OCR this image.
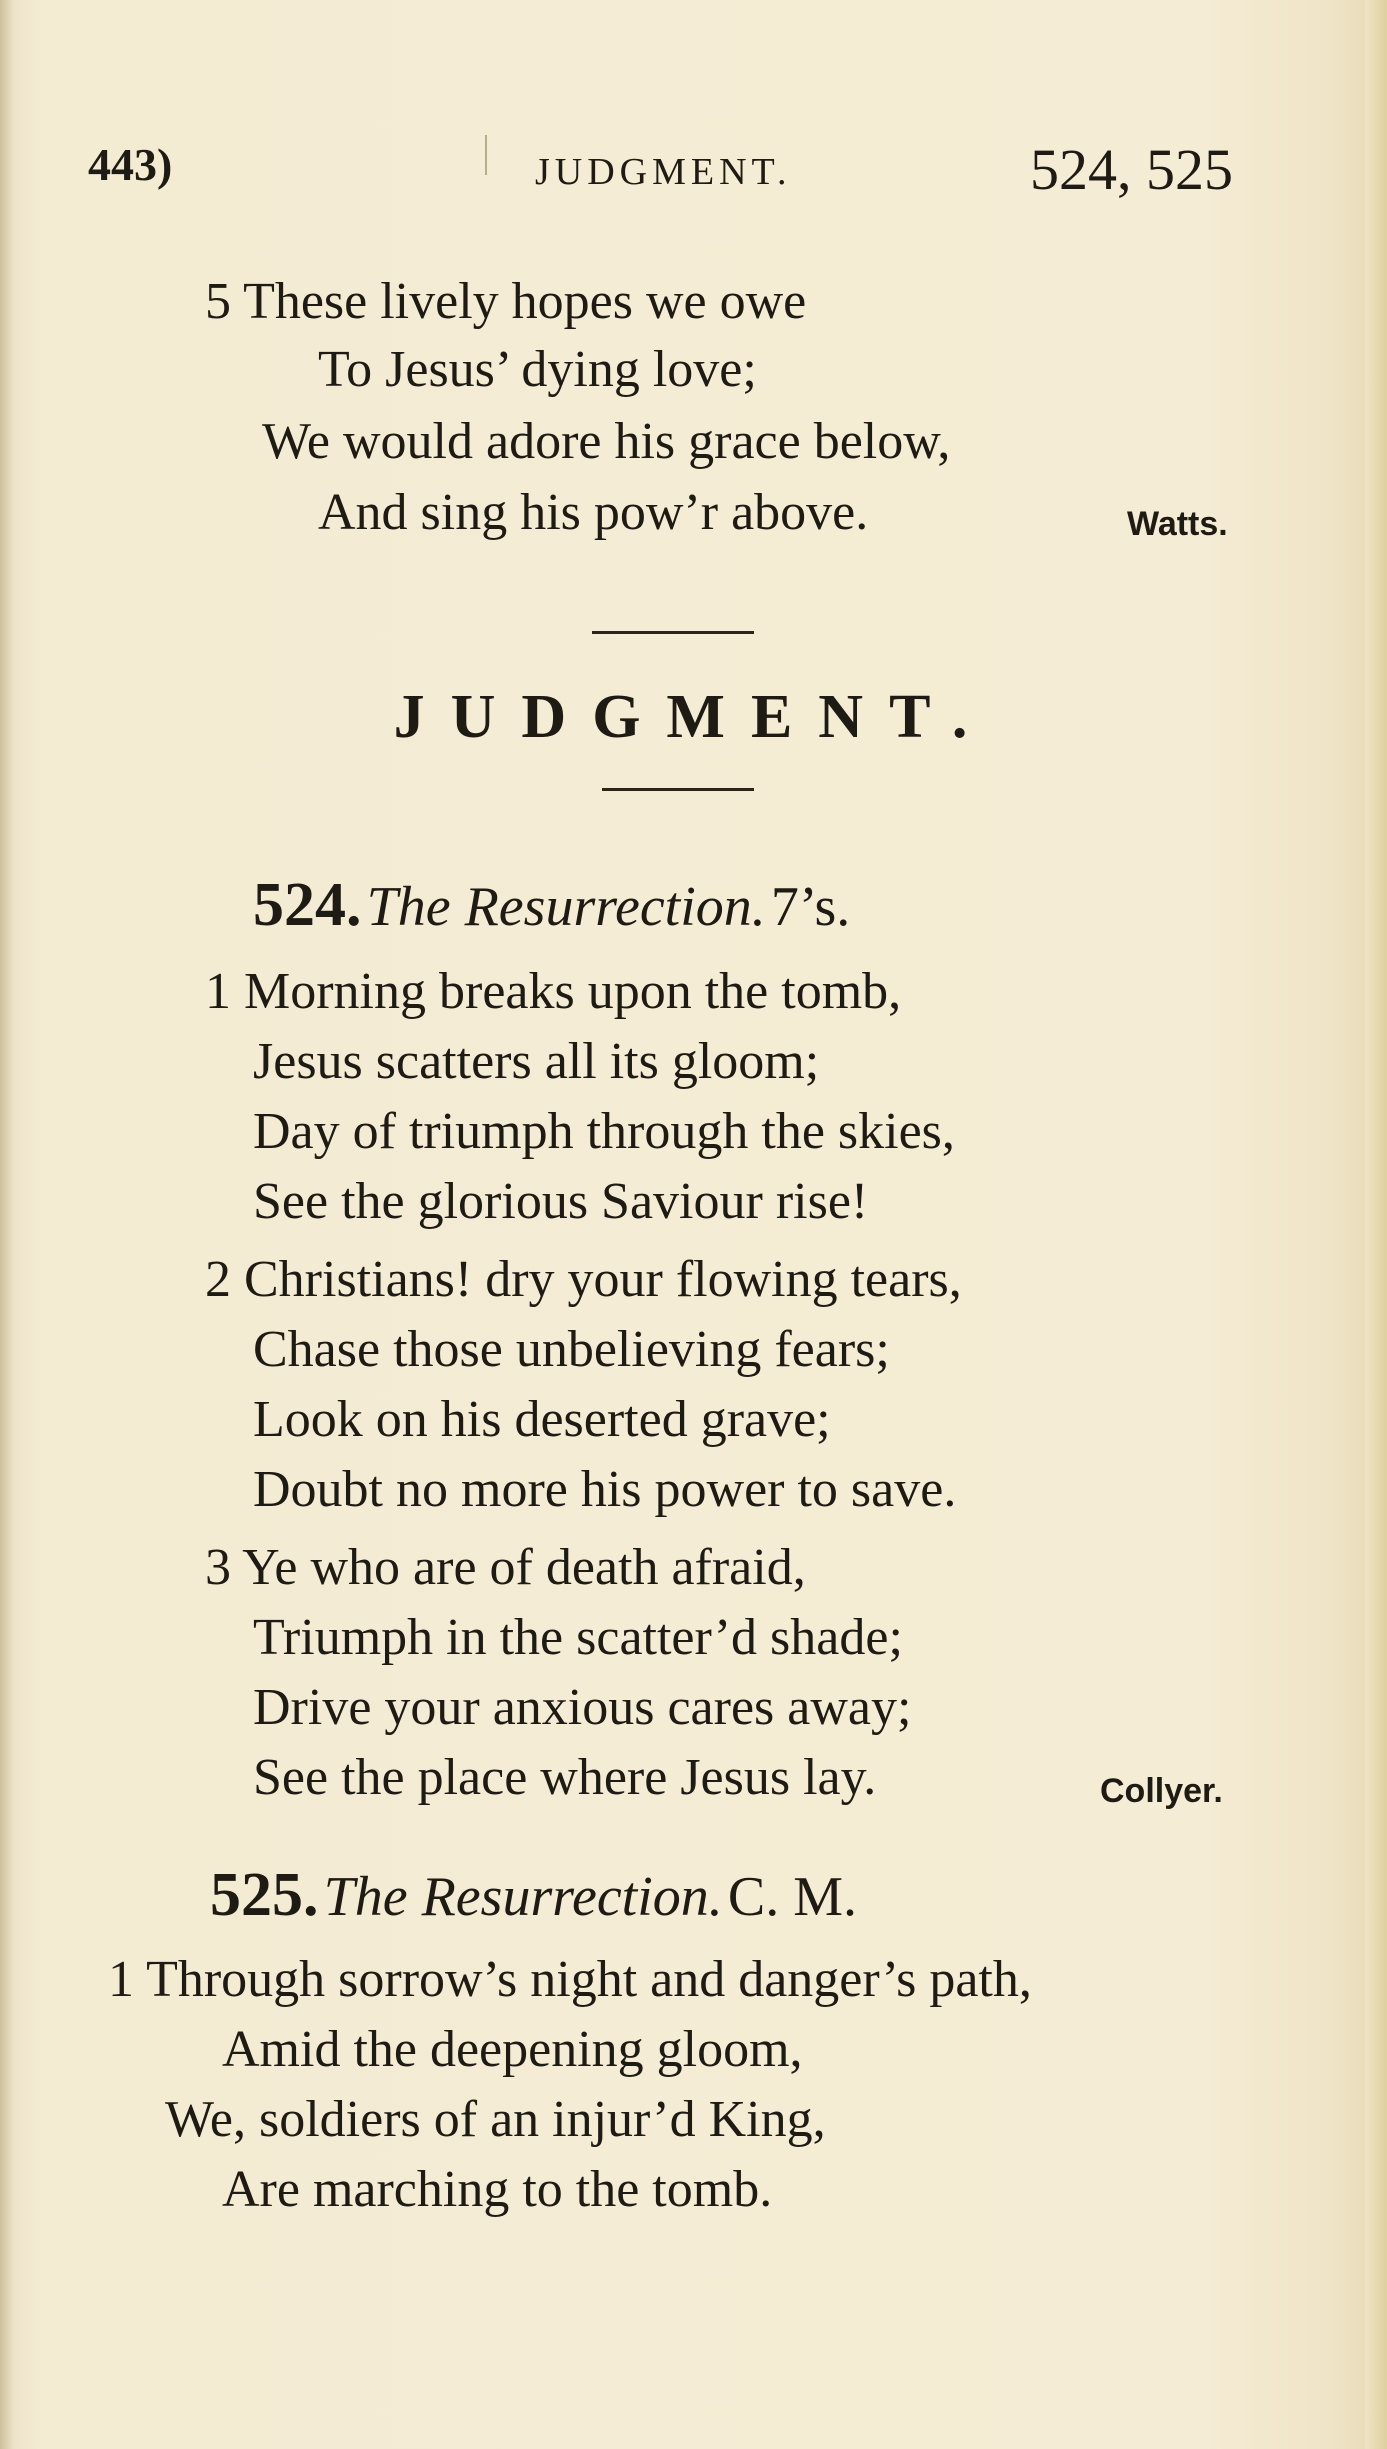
443)	JUDGMENT.	524, 525
5 These lively hopes we owe
To Jesus’ dying love;
We would adore his grace below,
And sing his pow’r above.	Watts.
JUDGMENT.
524. The Resurrection. 7’s.
1 Morning breaks upon the tomb,
Jesus scatters all its gloom;
Day of triumph through the skies,
See the glorious Saviour rise!
2 Christians! dry your flowing tears,
Chase those unbelieving fears;
Look on his deserted grave;
Doubt no more his power to save.
3 Ye who are of death afraid,
Triumph in the scatter’d shade;
Drive your anxious cares away;
See the place where Jesus lay.	Collyer.
525. The Resurrection. C. M.
1 Through sorrow’s night and danger’s path,
Amid the deepening gloom,
We, soldiers of an injur’d King,
Are marching to the tomb.
